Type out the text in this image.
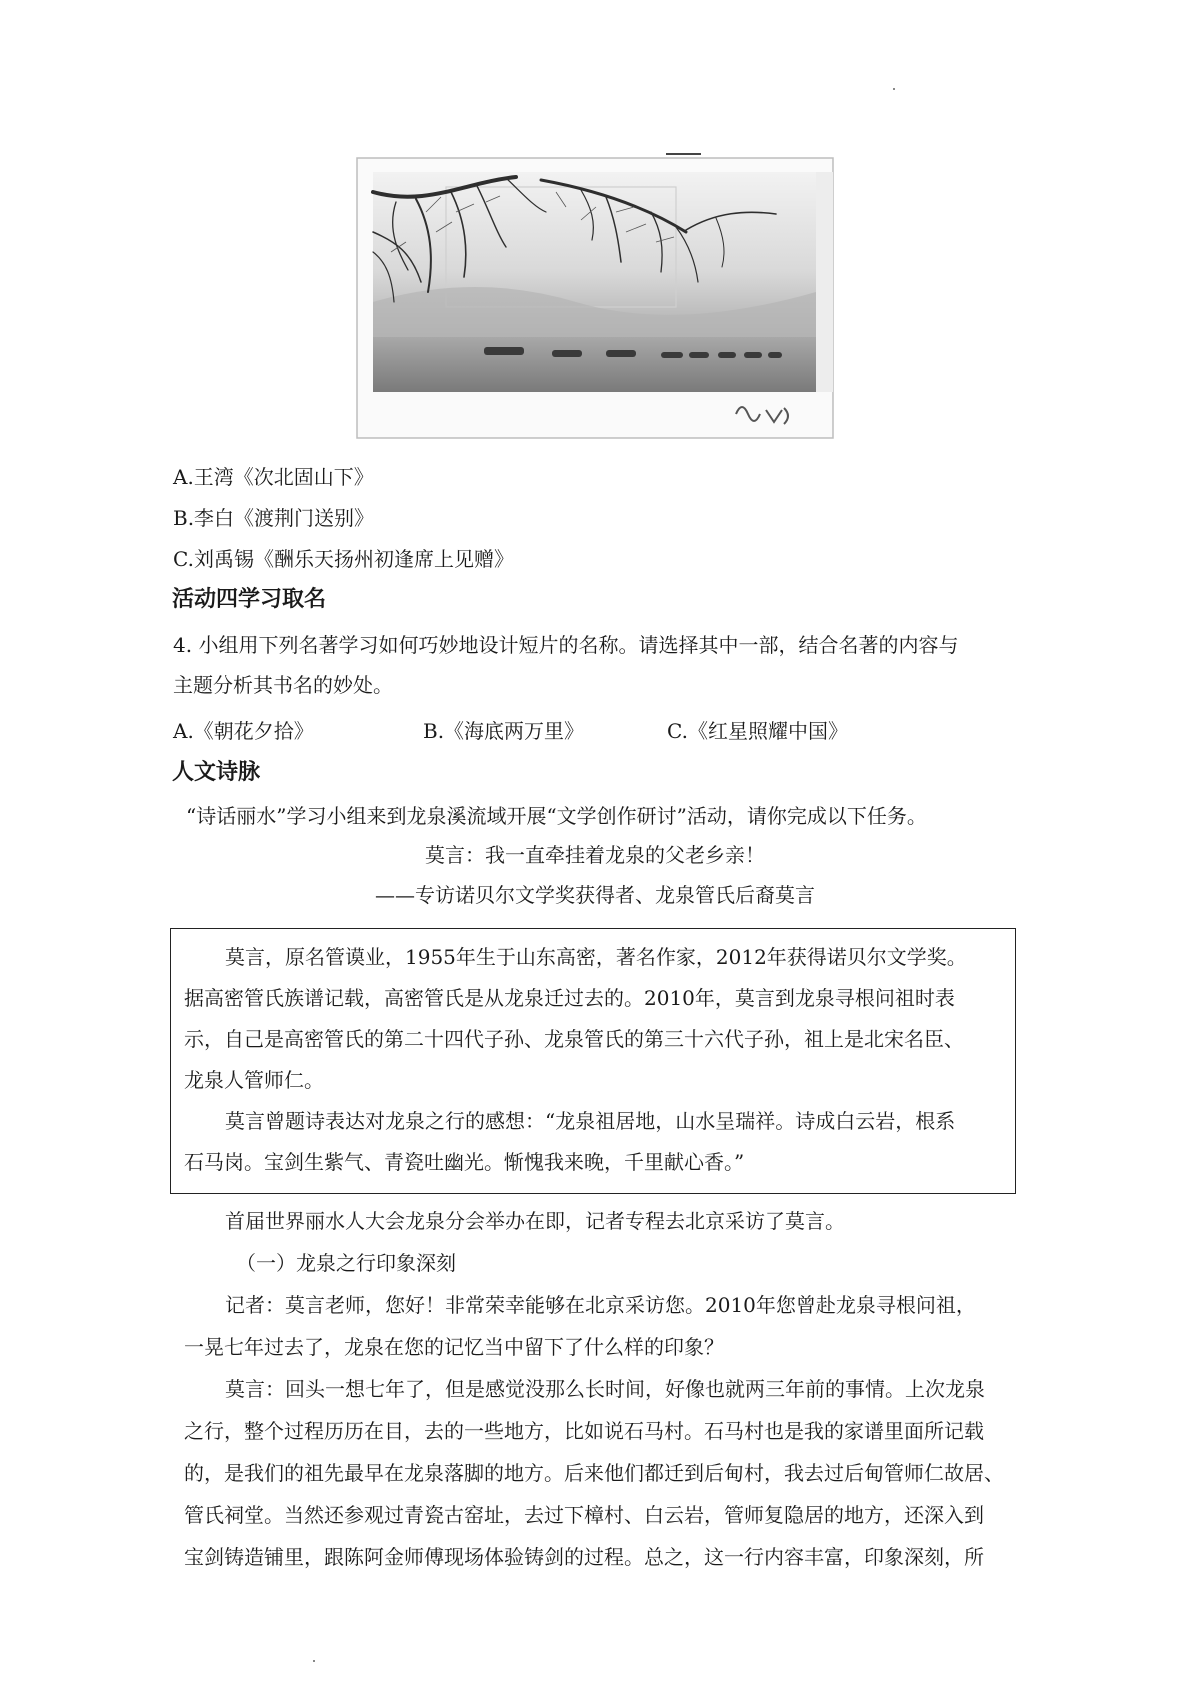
A.王湾《次北固山下》
B.李白《渡荆门送别》
C.刘禹锡《酬乐天扬州初逢席上见赠》
活动四学习取名
4. 小组用下列名著学习如何巧妙地设计短片的名称。请选择其中一部，结合名著的内容与
主题分析其书名的妙处。
A.《朝花夕拾》	B.《海底两万里》	C.《红星照耀中国》
人文诗脉
“诗话丽水”学习小组来到龙泉溪流域开展“文学创作研讨”活动，请你完成以下任务。
莫言：我一直牵挂着龙泉的父老乡亲！
——专访诺贝尔文学奖获得者、龙泉管氏后裔莫言
莫言，原名管谟业，1955年生于山东高密，著名作家，2012年获得诺贝尔文学奖。
据高密管氏族谱记载，高密管氏是从龙泉迁过去的。2010年，莫言到龙泉寻根问祖时表
示，自己是高密管氏的第二十四代子孙、龙泉管氏的第三十六代子孙，祖上是北宋名臣、
龙泉人管师仁。
莫言曾题诗表达对龙泉之行的感想：“龙泉祖居地，山水呈瑞祥。诗成白云岩，根系
石马岗。宝剑生紫气、青瓷吐幽光。惭愧我来晚，千里献心香。”
首届世界丽水人大会龙泉分会举办在即，记者专程去北京采访了莫言。
（一）龙泉之行印象深刻
记者：莫言老师，您好！非常荣幸能够在北京采访您。2010年您曾赴龙泉寻根问祖，
一晃七年过去了，龙泉在您的记忆当中留下了什么样的印象？
莫言：回头一想七年了，但是感觉没那么长时间，好像也就两三年前的事情。上次龙泉
之行，整个过程历历在目，去的一些地方，比如说石马村。石马村也是我的家谱里面所记载
的，是我们的祖先最早在龙泉落脚的地方。后来他们都迁到后甸村，我去过后甸管师仁故居、
管氏祠堂。当然还参观过青瓷古窑址，去过下樟村、白云岩，管师复隐居的地方，还深入到
宝剑铸造铺里，跟陈阿金师傅现场体验铸剑的过程。总之，这一行内容丰富，印象深刻，所
